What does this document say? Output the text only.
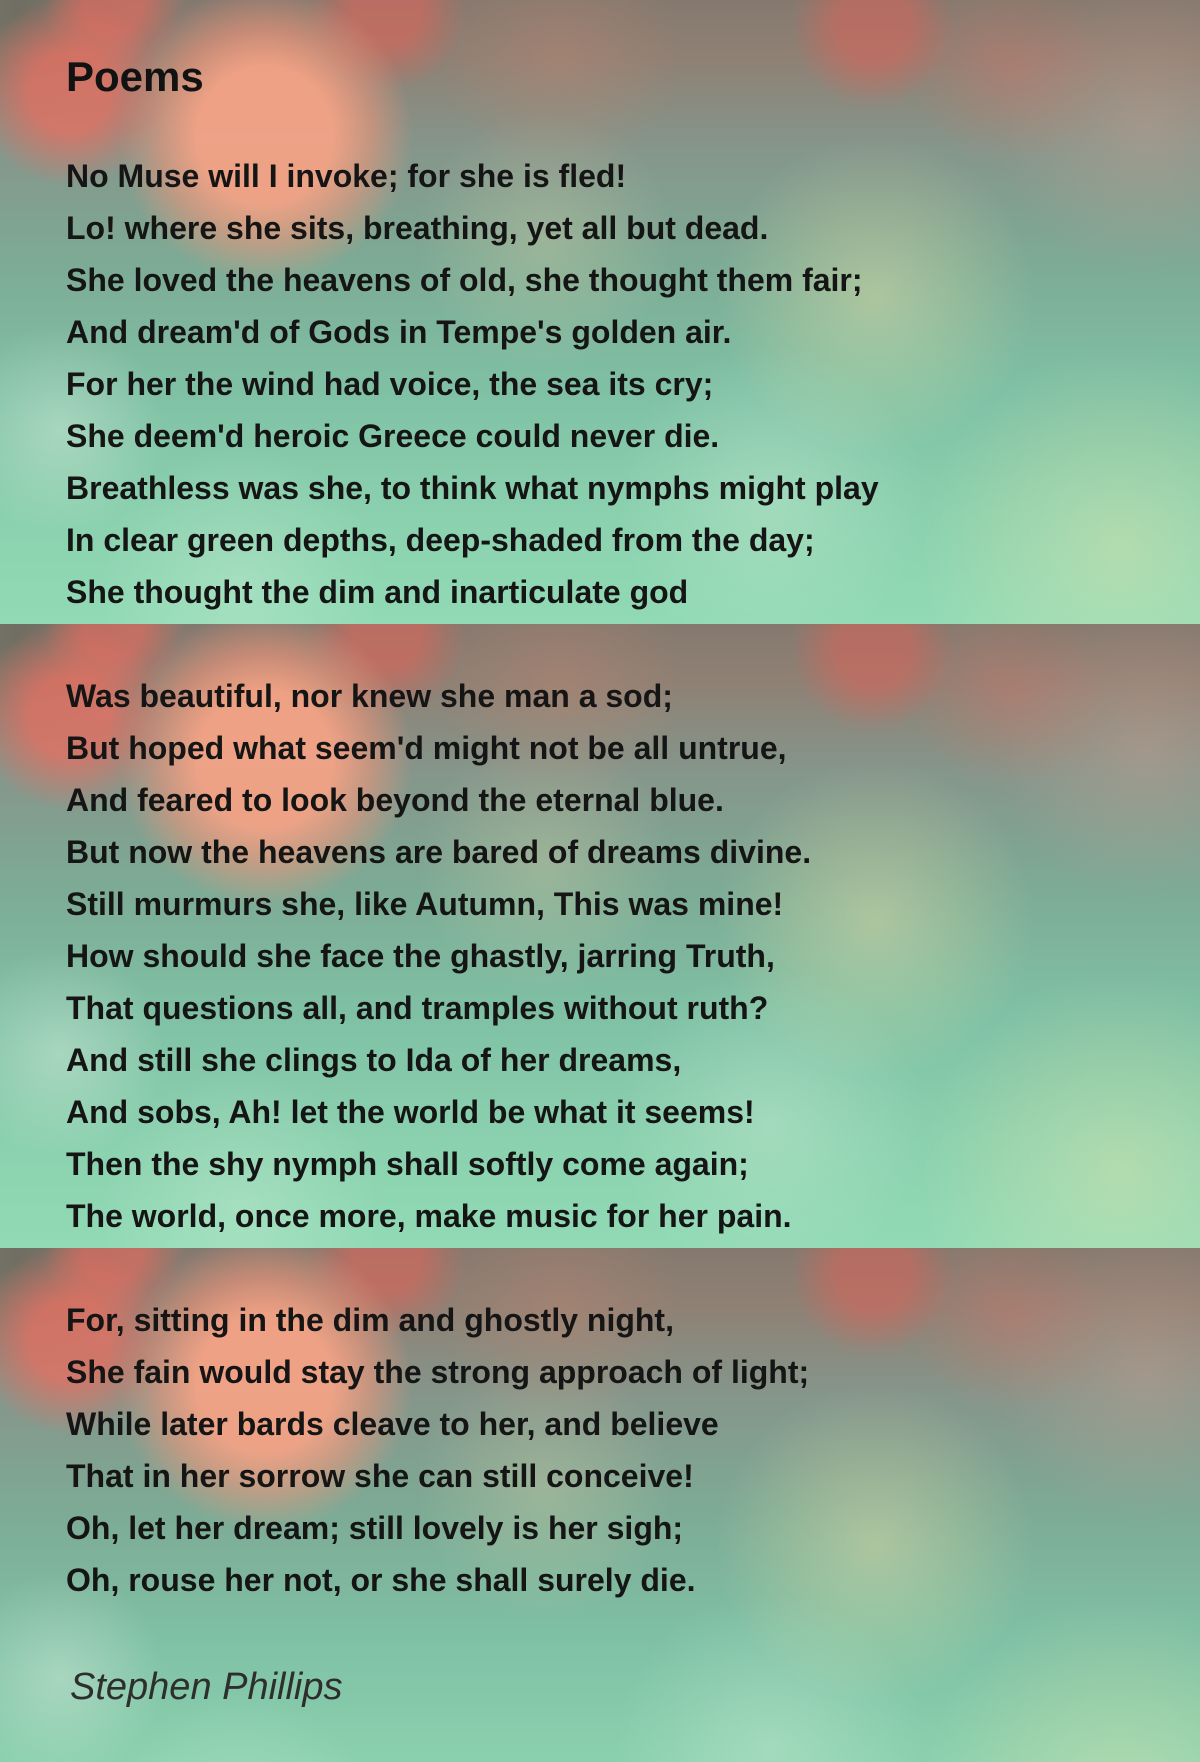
Poems
No Muse will I invoke; for she is fled!
Lo! where she sits, breathing, yet all but dead.
She loved the heavens of old, she thought them fair;
And dream'd of Gods in Tempe's golden air.
For her the wind had voice, the sea its cry;
She deem'd heroic Greece could never die.
Breathless was she, to think what nymphs might play
In clear green depths, deep-shaded from the day;
She thought the dim and inarticulate god
Was beautiful, nor knew she man a sod;
But hoped what seem'd might not be all untrue,
And feared to look beyond the eternal blue.
But now the heavens are bared of dreams divine.
Still murmurs she, like Autumn, This was mine!
How should she face the ghastly, jarring Truth,
That questions all, and tramples without ruth?
And still she clings to Ida of her dreams,
And sobs, Ah! let the world be what it seems!
Then the shy nymph shall softly come again;
The world, once more, make music for her pain.
For, sitting in the dim and ghostly night,
She fain would stay the strong approach of light;
While later bards cleave to her, and believe
That in her sorrow she can still conceive!
Oh, let her dream; still lovely is her sigh;
Oh, rouse her not, or she shall surely die.
Stephen Phillips
